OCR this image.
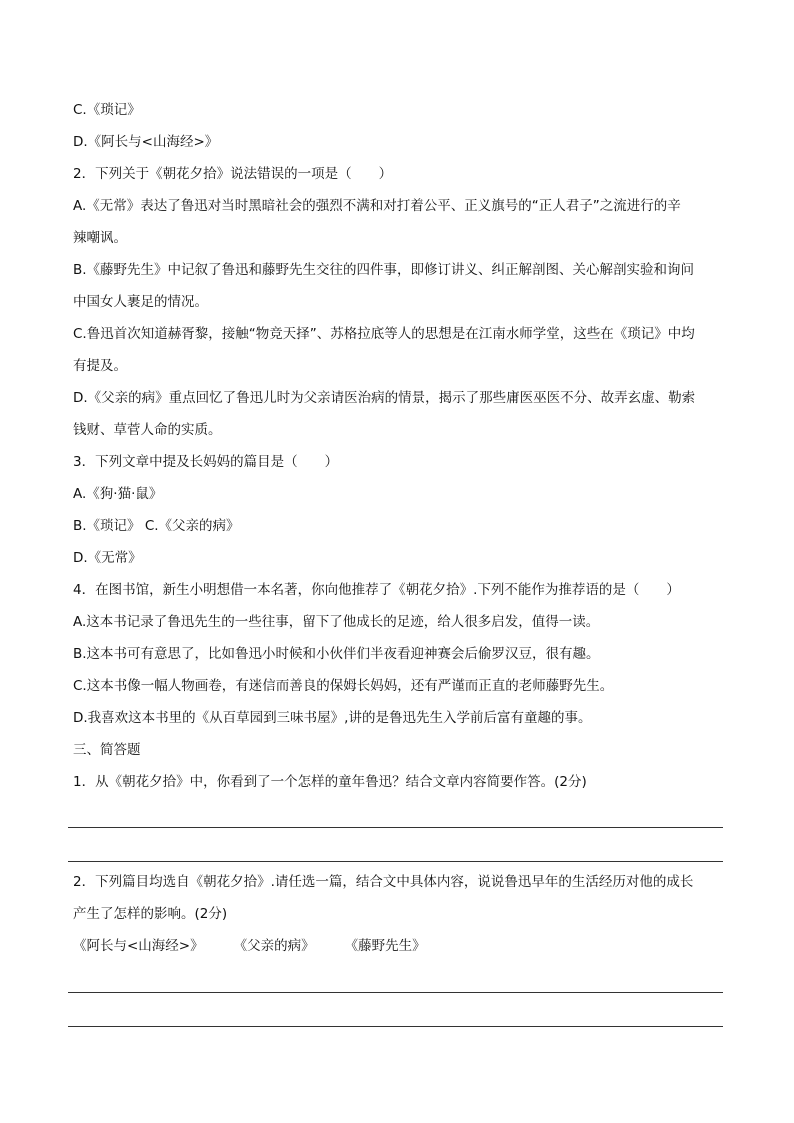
C.《琐记》
D.《阿长与<山海经>》
2．下列关于《朝花夕拾》说法错误的一项是（　　）
A.《无常》表达了鲁迅对当时黑暗社会的强烈不满和对打着公平、正义旗号的“正人君子”之流进行的辛
辣嘲讽。
B.《藤野先生》中记叙了鲁迅和藤野先生交往的四件事，即修订讲义、纠正解剖图、关心解剖实验和询问
中国女人裹足的情况。
C.鲁迅首次知道赫胥黎，接触“物竞天择”、苏格拉底等人的思想是在江南水师学堂，这些在《琐记》中均
有提及。
D.《父亲的病》重点回忆了鲁迅儿时为父亲请医治病的情景，揭示了那些庸医巫医不分、故弄玄虚、勒索
钱财、草菅人命的实质。
3．下列文章中提及长妈妈的篇目是（　　）
A.《狗·猫·鼠》
B.《琐记》 C.《父亲的病》
D.《无常》
4．在图书馆，新生小明想借一本名著，你向他推荐了《朝花夕拾》.下列不能作为推荐语的是（　　）
A.这本书记录了鲁迅先生的一些往事，留下了他成长的足迹，给人很多启发，值得一读。
B.这本书可有意思了，比如鲁迅小时候和小伙伴们半夜看迎神赛会后偷罗汉豆，很有趣。
C.这本书像一幅人物画卷，有迷信而善良的保姆长妈妈，还有严谨而正直的老师藤野先生。
D.我喜欢这本书里的《从百草园到三味书屋》,讲的是鲁迅先生入学前后富有童趣的事。
三、简答题
1．从《朝花夕拾》中，你看到了一个怎样的童年鲁迅？结合文章内容简要作答。(2分)
2．下列篇目均选自《朝花夕拾》.请任选一篇，结合文中具体内容，说说鲁迅早年的生活经历对他的成长
产生了怎样的影响。(2分)
《阿长与<山海经>》 《父亲的病》 《藤野先生》
